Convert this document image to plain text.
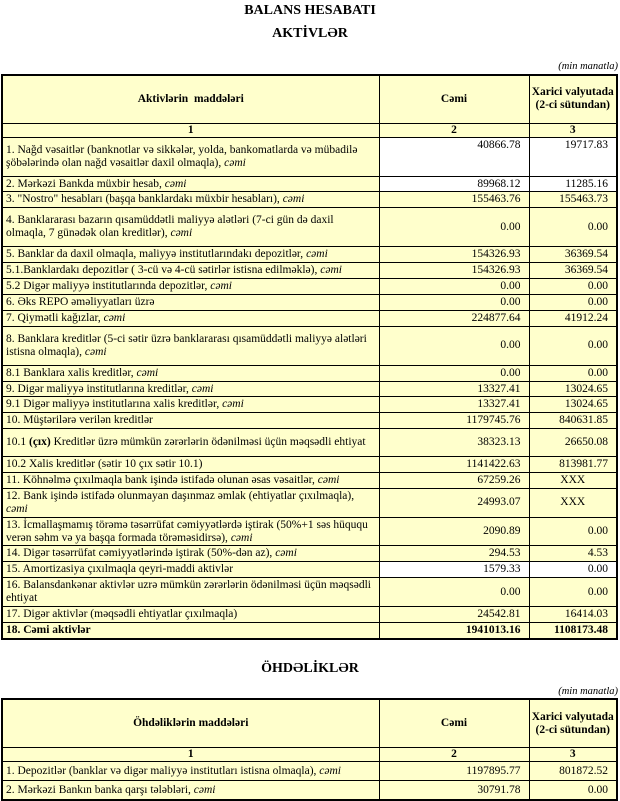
BALANS HESABATI
AKTİVLƏR
(min manatla)
Aktivlərin  maddələri	Cəmi	Xarici valyutada (2-ci sütundan)
1	2	3
1. Nağd vəsaitlər (banknotlar və sikkələr, yolda, bankomatlarda və mübadilə şöbələrində olan nağd vəsaitlər daxil olmaqla), cəmi	40866.78	19717.83
2. Mərkəzi Bankda müxbir hesab, cəmi	89968.12	11285.16
3. "Nostro" hesabları (başqa banklardakı müxbir hesabları), cəmi	155463.76	155463.73
4. Banklararası bazarın qısamüddətli maliyyə alətləri (7-ci gün də daxil olmaqla, 7 günədək olan kreditlər), cəmi	0.00	0.00
5. Banklar da daxil olmaqla, maliyyə institutlarındakı depozitlər, cəmi	154326.93	36369.54
5.1.Banklardakı depozitlər ( 3-cü və 4-cü sətirlər istisna edilməklə), cəmi	154326.93	36369.54
5.2 Digər maliyyə institutlarında depozitlər, cəmi	0.00	0.00
6. Əks REPO əməliyyatları üzrə	0.00	0.00
7. Qiymətli kağızlar, cəmi	224877.64	41912.24
8. Banklara kreditlər (5-ci sətir üzrə banklararası qısamüddətli maliyyə alətləri istisna olmaqla), cəmi	0.00	0.00
8.1 Banklara xalis kreditlər, cəmi	0.00	0.00
9. Digər maliyyə institutlarına kreditlər, cəmi	13327.41	13024.65
9.1 Digər maliyyə institutlarına xalis kreditlər, cəmi	13327.41	13024.65
10. Müştərilərə verilən kreditlər	1179745.76	840631.85
10.1 (çıx) Kreditlər üzrə mümkün zərərlərin ödənilməsi üçün məqsədli ehtiyat	38323.13	26650.08
10.2 Xalis kreditlər (sətir 10 çıx sətir 10.1)	1141422.63	813981.77
11. Köhnəlmə çıxılmaqla bank işində istifadə olunan əsas vəsaitlər, cəmi	67259.26	XXX
12. Bank işində istifadə olunmayan daşınmaz əmlak (ehtiyatlar çıxılmaqla), cəmi	24993.07	XXX
13. İcmallaşmamış törəmə təsərrüfat cəmiyyətlərdə iştirak (50%+1 səs hüququ verən səhm və ya başqa formada törəməsidirsə), cəmi	2090.89	0.00
14. Digər təsərrüfat cəmiyyətlərində iştirak (50%-dən az), cəmi	294.53	4.53
15. Amortizasiya çıxılmaqla qeyri-maddi aktivlər	1579.33	0.00
16. Balansdankənar aktivlər uzrə mümkün zərərlərin ödənilməsi üçün məqsədli ehtiyat	0.00	0.00
17. Digər aktivlər (məqsədli ehtiyatlar çıxılmaqla)	24542.81	16414.03
18. Cəmi aktivlər	1941013.16	1108173.48
ÖHDƏLİKLƏR
(min manatla)
Öhdəliklərin maddələri	Cəmi	Xarici valyutada (2-ci sütundan)
1	2	3
1. Depozitlər (banklar və digər maliyyə institutları istisna olmaqla), cəmi	1197895.77	801872.52
2. Mərkəzi Bankın banka qarşı tələbləri, cəmi	30791.78	0.00
